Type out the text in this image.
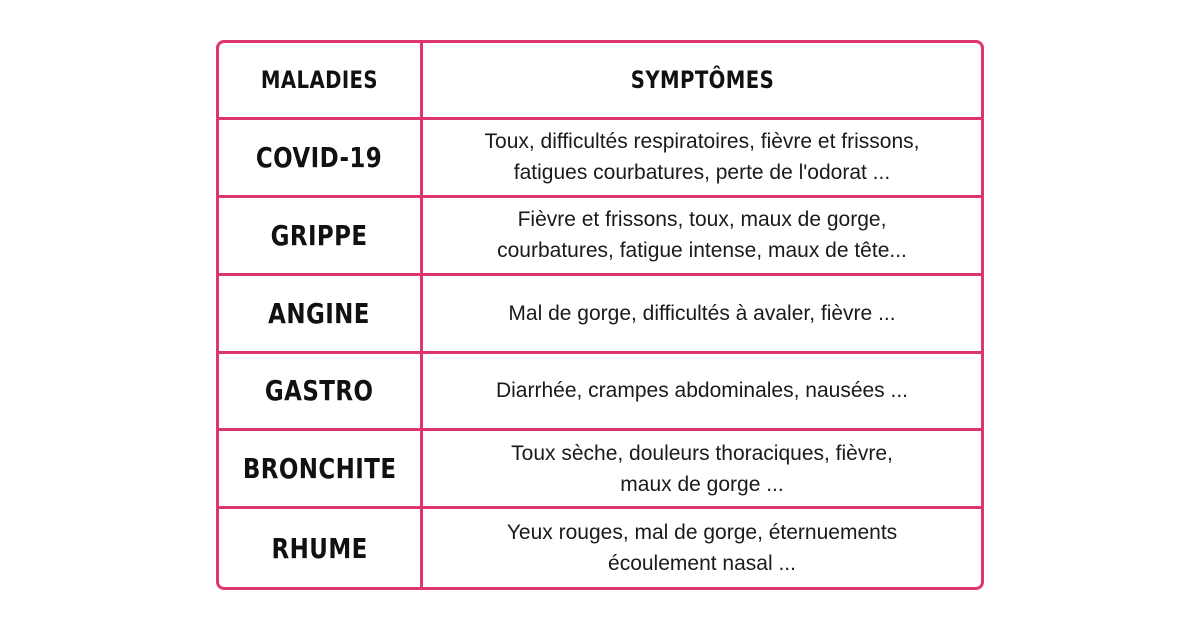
MALADIES	SYMPTÔMES
COVID-19	Toux, difficultés respiratoires, fièvre et frissons,
fatigues courbatures, perte de l'odorat ...
GRIPPE	Fièvre et frissons, toux, maux de gorge,
courbatures, fatigue intense, maux de tête...
ANGINE	Mal de gorge, difficultés à avaler, fièvre ...
GASTRO	Diarrhée, crampes abdominales, nausées ...
BRONCHITE	Toux sèche, douleurs thoraciques, fièvre,
maux de gorge ...
RHUME	Yeux rouges, mal de gorge, éternuements
écoulement nasal ...
